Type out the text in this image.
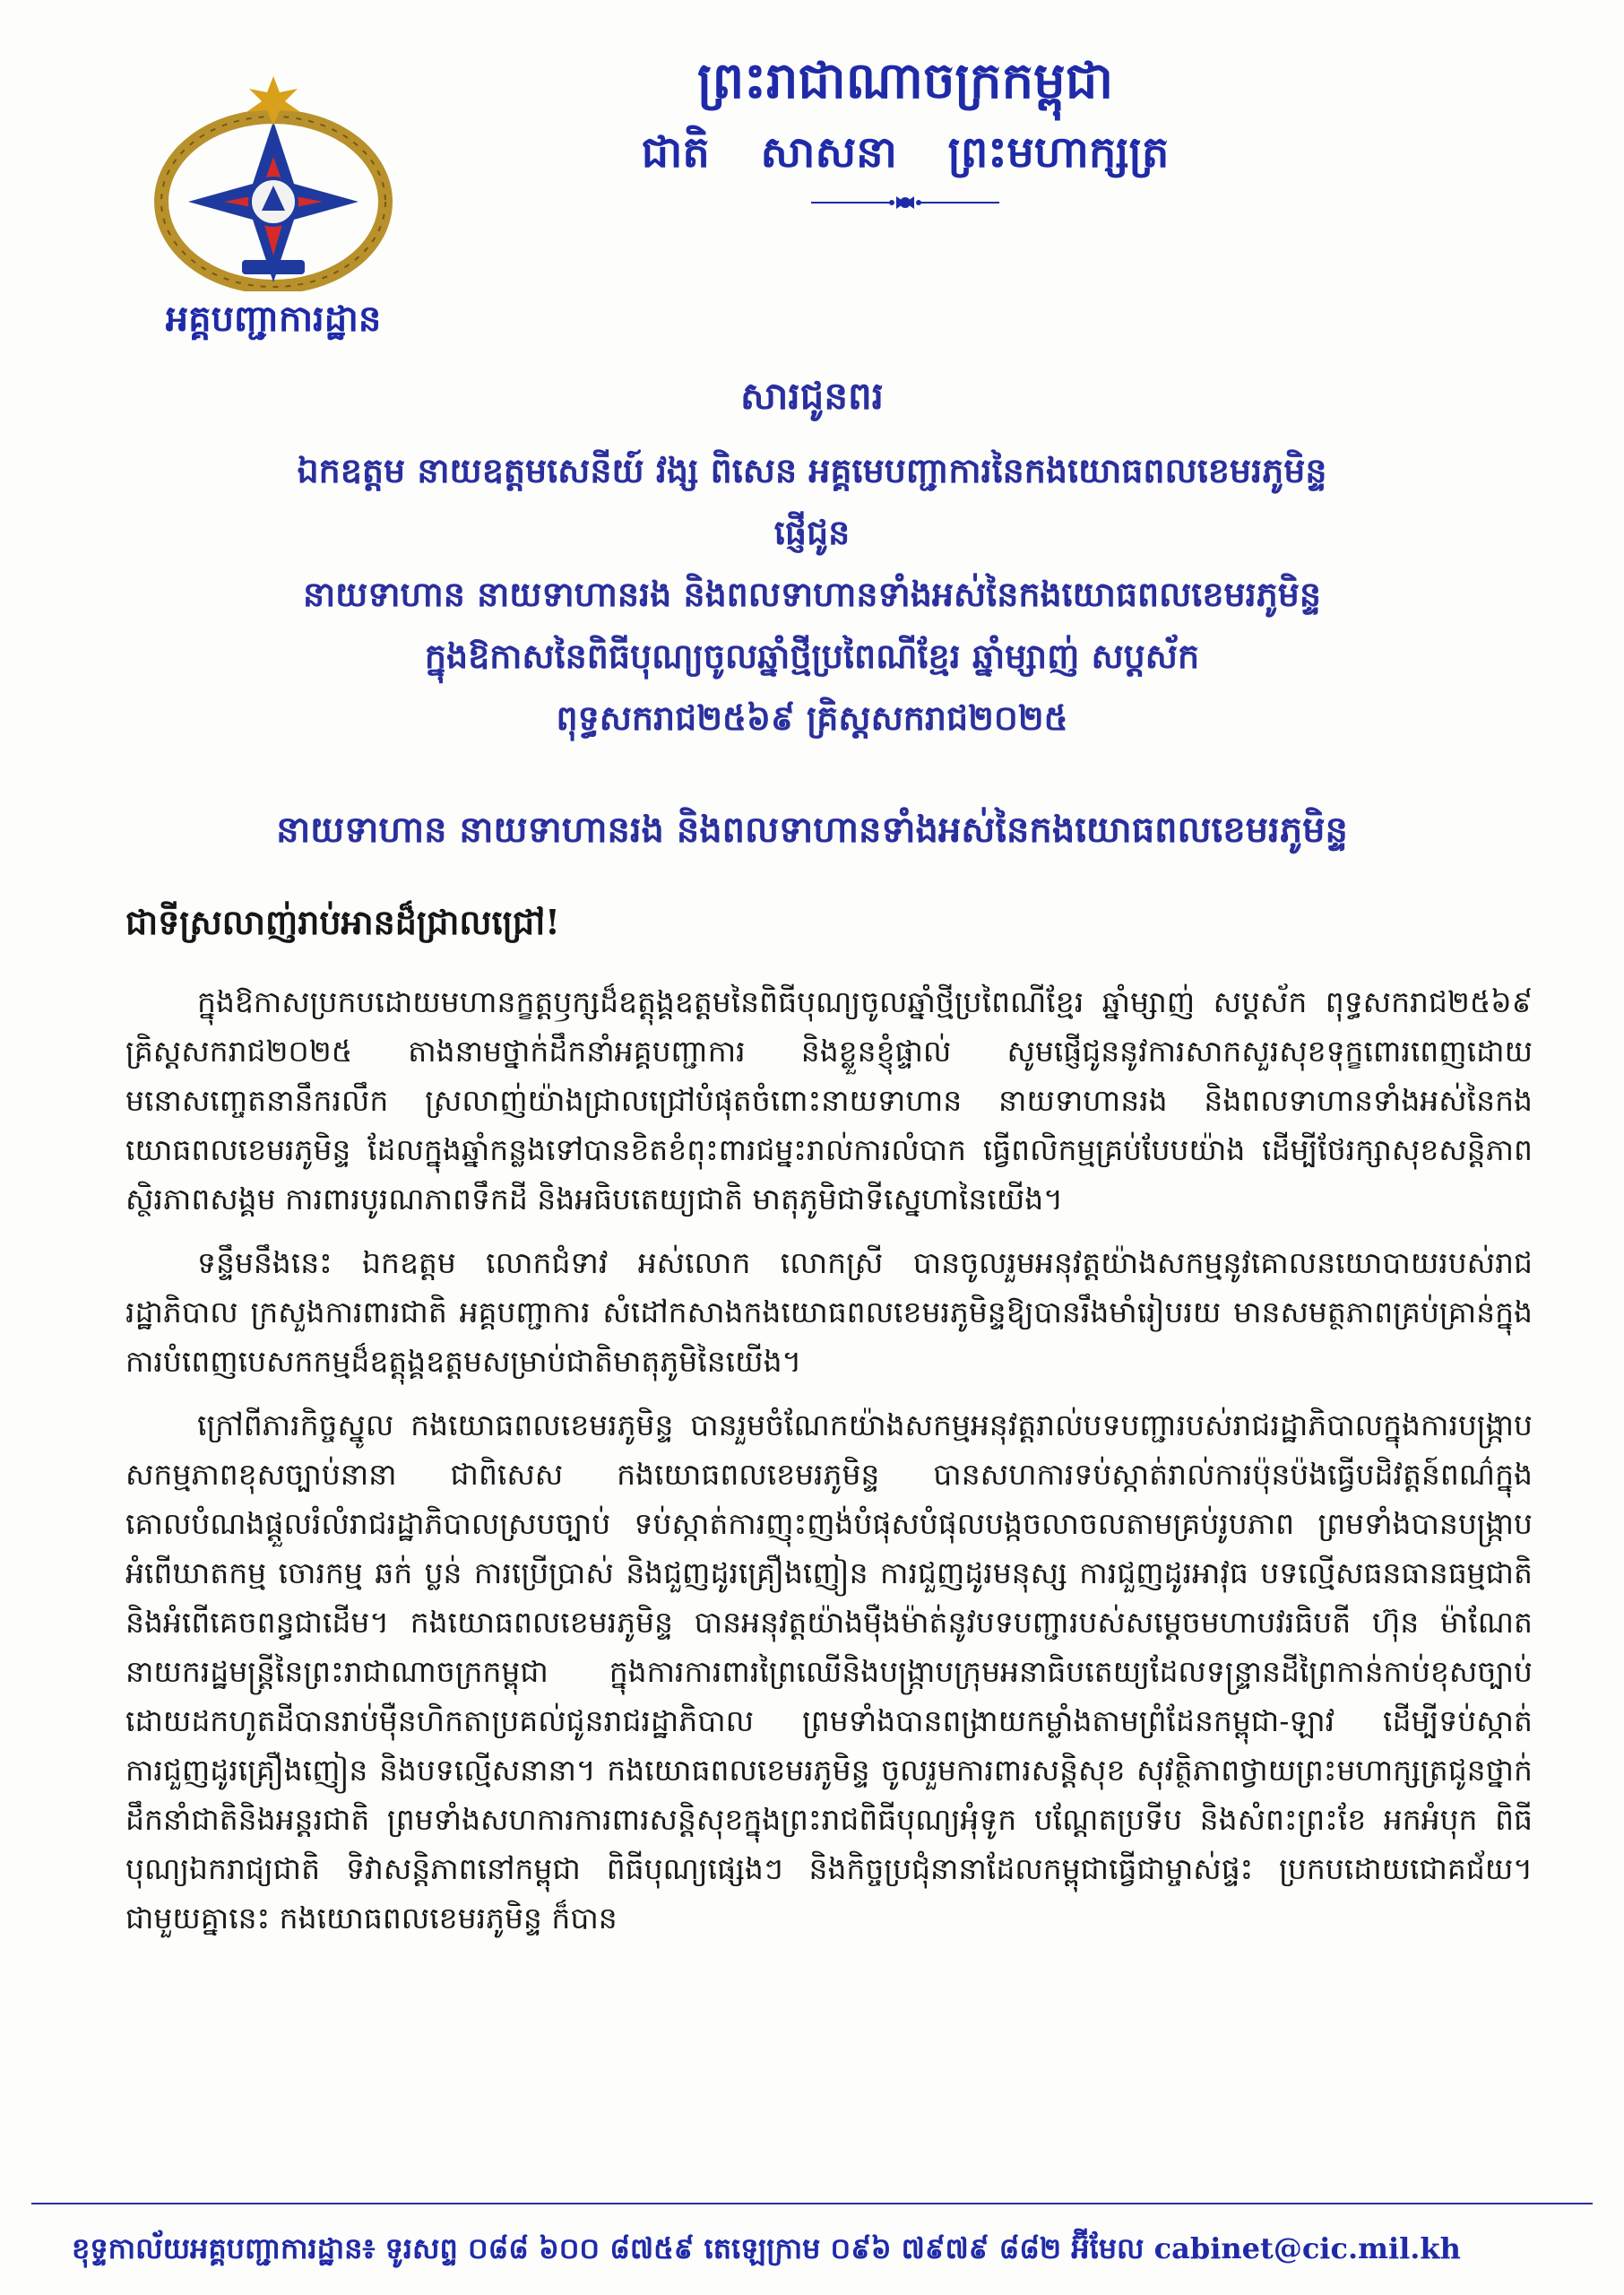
ព្រះរាជាណាចក្រកម្ពុជា
ជាតិ សាសនា ព្រះមហាក្សត្រ
អគ្គបញ្ជាការដ្ឋាន
សារជូនពរ
ឯកឧត្តម នាយឧត្តមសេនីយ៍ វង្ស ពិសេន អគ្គមេបញ្ជាការនៃកងយោធពលខេមរភូមិន្ទ
ផ្ញើជូន
នាយទាហាន នាយទាហានរង និងពលទាហានទាំងអស់នៃកងយោធពលខេមរភូមិន្ទ
ក្នុងឱកាសនៃពិធីបុណ្យចូលឆ្នាំថ្មីប្រពៃណីខ្មែរ ឆ្នាំម្សាញ់ សប្តស័ក
ពុទ្ធសករាជ២៥៦៩ គ្រិស្តសករាជ២០២៥
នាយទាហាន នាយទាហានរង និងពលទាហានទាំងអស់នៃកងយោធពលខេមរភូមិន្ទ
ជាទីស្រលាញ់រាប់អានដ៏ជ្រាលជ្រៅ!

ក្នុងឱកាសប្រកបដោយមហានក្ខត្តឫក្សដ៏ឧត្តុង្គឧត្តមនៃពិធីបុណ្យចូលឆ្នាំថ្មីប្រពៃណីខ្មែរ ឆ្នាំម្សាញ់ សប្តស័ក ពុទ្ធសករាជ២៥៦៩ គ្រិស្តសករាជ២០២៥ តាងនាមថ្នាក់ដឹកនាំអគ្គបញ្ជាការ និងខ្លួនខ្ញុំផ្ទាល់ សូមផ្ញើជូននូវការសាកសួរសុខទុក្ខពោរពេញដោយមនោសញ្ចេតនានឹករលឹក ស្រលាញ់យ៉ាងជ្រាលជ្រៅបំផុតចំពោះនាយទាហាន នាយទាហានរង និងពលទាហានទាំងអស់នៃកងយោធពលខេមរភូមិន្ទ ដែលក្នុងឆ្នាំកន្លងទៅបានខិតខំពុះពារជម្នះរាល់ការលំបាក ធ្វើពលិកម្មគ្រប់បែបយ៉ាង ដើម្បីថែរក្សាសុខសន្តិភាព ស្ថិរភាពសង្គម ការពារបូរណភាពទឹកដី និងអធិបតេយ្យជាតិ មាតុភូមិជាទីស្នេហានៃយើង។

ទន្ទឹមនឹងនេះ ឯកឧត្តម លោកជំទាវ អស់លោក លោកស្រី បានចូលរួមអនុវត្តយ៉ាងសកម្មនូវគោលនយោបាយរបស់រាជរដ្ឋាភិបាល ក្រសួងការពារជាតិ អគ្គបញ្ជាការ សំដៅកសាងកងយោធពលខេមរភូមិន្ទឱ្យបានរឹងមាំរៀបរយ មានសមត្ថភាពគ្រប់គ្រាន់ក្នុងការបំពេញបេសកកម្មដ៏ឧត្តុង្គឧត្តមសម្រាប់ជាតិមាតុភូមិនៃយើង។

ក្រៅពីភារកិច្ចស្នូល កងយោធពលខេមរភូមិន្ទ បានរួមចំណែកយ៉ាងសកម្មអនុវត្តរាល់បទបញ្ជារបស់រាជរដ្ឋាភិបាលក្នុងការបង្ក្រាបសកម្មភាពខុសច្បាប់នានា ជាពិសេស កងយោធពលខេមរភូមិន្ទ បានសហការទប់ស្កាត់រាល់ការប៉ុនប៉ងធ្វើបដិវត្តន៍ពណ៌ក្នុងគោលបំណងផ្តួលរំលំរាជរដ្ឋាភិបាលស្របច្បាប់ ទប់ស្កាត់ការញុះញង់បំផុសបំផុលបង្កចលាចលតាមគ្រប់រូបភាព ព្រមទាំងបានបង្ក្រាបអំពើឃាតកម្ម ចោរកម្ម ឆក់ ប្លន់ ការប្រើប្រាស់ និងជួញដូរគ្រឿងញៀន ការជួញដូរមនុស្ស ការជួញដូរអាវុធ បទល្មើសធនធានធម្មជាតិ និងអំពើគេចពន្ធជាដើម។ កងយោធពលខេមរភូមិន្ទ បានអនុវត្តយ៉ាងម៉ឺងម៉ាត់នូវបទបញ្ជារបស់សម្តេចមហាបវរធិបតី ហ៊ុន ម៉ាណែត នាយករដ្ឋមន្ត្រីនៃព្រះរាជាណាចក្រកម្ពុជា ក្នុងការការពារព្រៃឈើនិងបង្ក្រាបក្រុមអនាធិបតេយ្យដែលទន្ទ្រានដីព្រៃកាន់កាប់ខុសច្បាប់ ដោយដកហូតដីបានរាប់ម៉ឺនហិកតាប្រគល់ជូនរាជរដ្ឋាភិបាល ព្រមទាំងបានពង្រាយកម្លាំងតាមព្រំដែនកម្ពុជា-ឡាវ ដើម្បីទប់ស្កាត់ការជួញដូរគ្រឿងញៀន និងបទល្មើសនានា។ កងយោធពលខេមរភូមិន្ទ ចូលរួមការពារសន្តិសុខ សុវត្ថិភាពថ្វាយព្រះមហាក្សត្រជូនថ្នាក់ដឹកនាំជាតិនិងអន្តរជាតិ ព្រមទាំងសហការការពារសន្តិសុខក្នុងព្រះរាជពិធីបុណ្យអុំទូក បណ្តែតប្រទីប និងសំពះព្រះខែ អកអំបុក ពិធីបុណ្យឯករាជ្យជាតិ ទិវាសន្តិភាពនៅកម្ពុជា ពិធីបុណ្យផ្សេងៗ និងកិច្ចប្រជុំនានាដែលកម្ពុជាធ្វើជាម្ចាស់ផ្ទះ ប្រកបដោយជោគជ័យ។ ជាមួយគ្នានេះ កងយោធពលខេមរភូមិន្ទ ក៏បាន

ខុទ្ទកាល័យអគ្គបញ្ជាការដ្ឋាន៖ ទូរសព្ទ ០៨៨ ៦០០ ៨៧៥៩ តេឡេក្រាម ០៩៦ ៧៩៧៩ ៨៨២ អ៊ីមែល cabinet@cic.mil.kh
